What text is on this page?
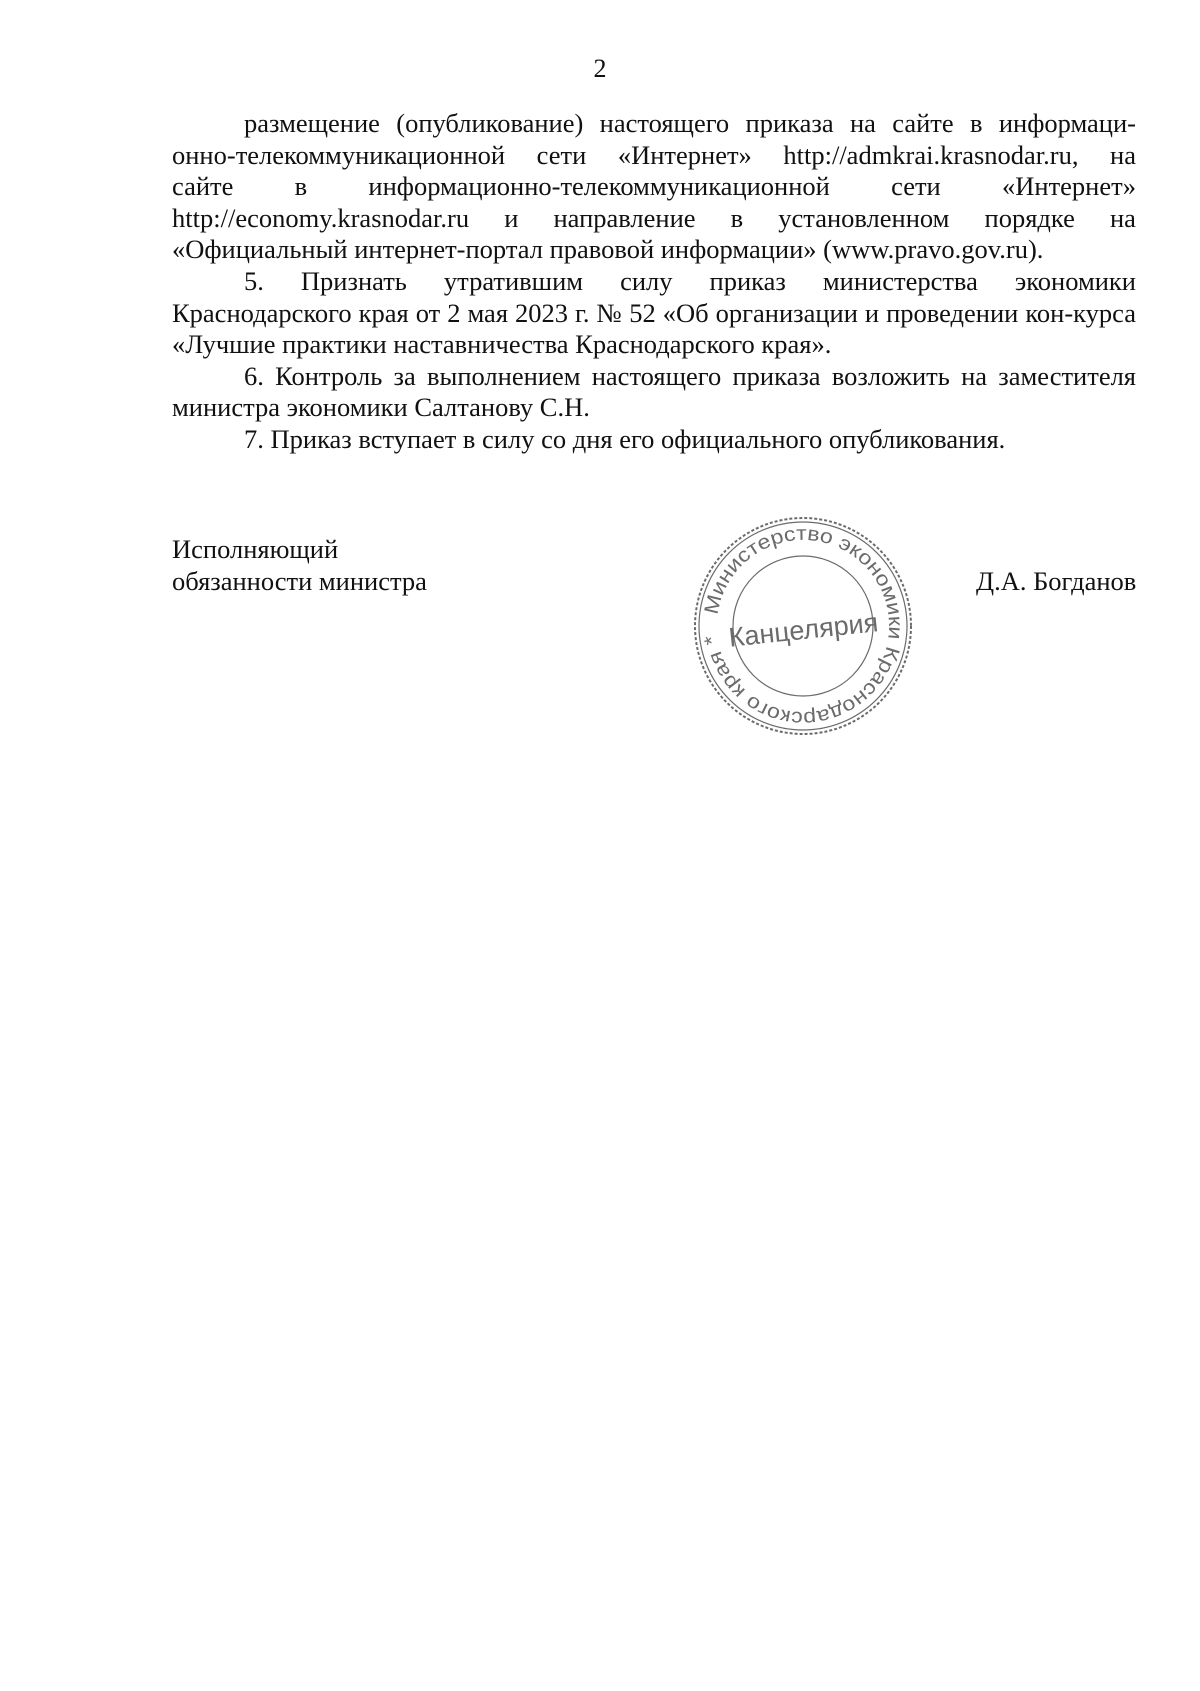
2

размещение (опубликование) настоящего приказа на сайте в информаци-

онно-телекоммуникационной сети «Интернет» http://admkrai.krasnodar.ru, на

сайте в информационно-телекоммуникационной сети «Интернет»

http://economy.krasnodar.ru и направление в установленном порядке на

«Официальный интернет-портал правовой информации» (www.pravo.gov.ru).

5. Признать утратившим силу приказ министерства экономики Краснодарского края от 2 мая 2023 г. № 52 «Об организации и проведении кон-курса «Лучшие практики наставничества Краснодарского края».

6. Контроль за выполнением настоящего приказа возложить на заместителя министра экономики Салтанову С.Н.

7. Приказ вступает в силу со дня его официального опубликования.

Исполняющий
обязанности министра	Д.А. Богданов
Министерство экономики Краснодарского края * Канцелярия
